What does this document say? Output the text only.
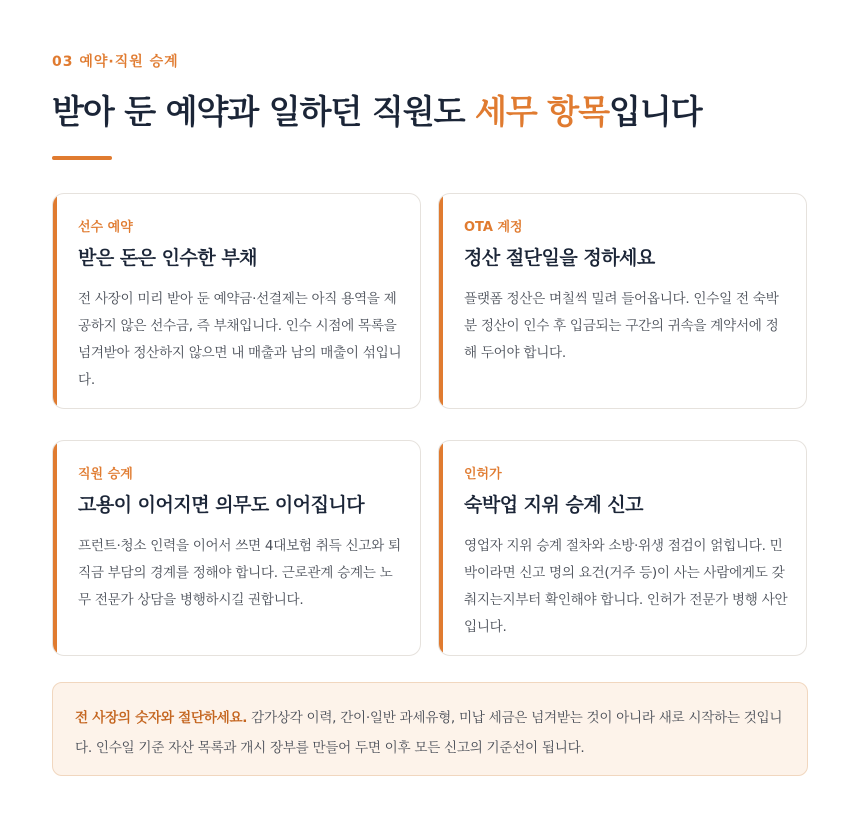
03 예약·직원 승계
받아 둔 예약과 일하던 직원도 세무 항목입니다
선수 예약
받은 돈은 인수한 부채
전 사장이 미리 받아 둔 예약금·선결제는 아직 용역을 제공하지 않은 선수금, 즉 부채입니다. 인수 시점에 목록을 넘겨받아 정산하지 않으면 내 매출과 남의 매출이 섞입니다.
OTA 계정
정산 절단일을 정하세요
플랫폼 정산은 며칠씩 밀려 들어옵니다. 인수일 전 숙박분 정산이 인수 후 입금되는 구간의 귀속을 계약서에 정해 두어야 합니다.
직원 승계
고용이 이어지면 의무도 이어집니다
프런트·청소 인력을 이어서 쓰면 4대보험 취득 신고와 퇴직금 부담의 경계를 정해야 합니다. 근로관계 승계는 노무 전문가 상담을 병행하시길 권합니다.
인허가
숙박업 지위 승계 신고
영업자 지위 승계 절차와 소방·위생 점검이 얽힙니다. 민박이라면 신고 명의 요건(거주 등)이 사는 사람에게도 갖춰지는지부터 확인해야 합니다. 인허가 전문가 병행 사안입니다.
전 사장의 숫자와 절단하세요. 감가상각 이력, 간이·일반 과세유형, 미납 세금은 넘겨받는 것이 아니라 새로 시작하는 것입니다. 인수일 기준 자산 목록과 개시 장부를 만들어 두면 이후 모든 신고의 기준선이 됩니다.
